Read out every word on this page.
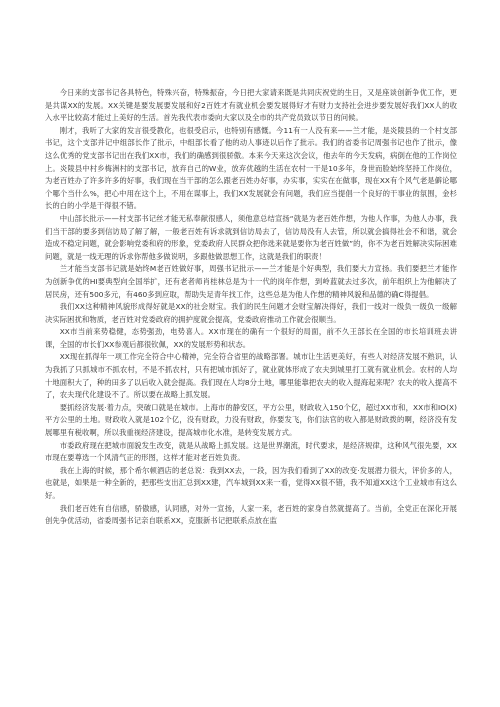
今日来的支部书记各具特色，特殊兴奋，特殊振奋，今日把大家请来既是共同庆祝党的生日，又是座谈创新争优工作，更是共谋XX的发展。XX关键是要发展要发展和好2百姓才有就业机会要发展得好才有财力支持社会进步要发展好我们XX人的收入水平比较高才能过上美好的生活。首先我代表市委向大家以及全市的共产党员致以节日的问候。

刚才，我听了大家的发言很受教化，也很受启示，也特别有感慨。今11有一人没有来——兰才能，是炎陵县的一个村支部书记，这个支部并记中组部长作了批示，中组部长看了他的动人事迹以后作了批示。我们的省委书记周强书记也作了批示，像这么优秀的党支部书记出在我们XX市，我们的确感到很骄傲。本来今天来这次会议，他去年的今天发病，病倒在他的工作岗位上。炎陵县中村乡梅洲村的支部书记，放弃自己的W业，放弃优越的生活在农村一干是10多年，身世而脸始终坚持工作岗位，为老百姓办了许多许多的好事，我们现在当干部的怎么跟老百姓办好事，办实事，实实在在做事，现在XX有个风气老是僻论哪个哪个当什么%，把心中用在这个上，不用在谋事上，我们XX发展就会有问题，我们应当提倡一个良好的干事业的氛围，金杉长的白的小学是干得很不错。

中山部长批示——村支部书记丝才能无私奉献很感人，须他意总结宣扬“就是为老百姓作想，为他人作事，为他人办事，我们当干部的要多到信访局了解了解，一般老百姓有诉求就到信访局去了，信访局没有人去管，所以就会搞得社会不和谐，就会造成不稳定问题，就会影响党委和府的形象，党委政府人民群众把你选来就是要你为老百姓做”的，你不为老百姓解决实际困难问题，就是一线无理的诉求你帮他多做说明，多跟他做思想工作，这就是我们的职责！

兰才能当支部书记就是始终M老百姓做好事，周强书记批示——兰才能是个好典型，我们要大力宣扬。我们要把兰才能作为创新争优的HI要典型向全国举扩，还有老者师肖桂林总是为十一代的岗年作想，到岭蓝就去过多次，前年组织上为他解决了居民房，还有500多元，有460多到应取，帮助失足青年找工作，这些总是为他人作想的精神风貌和品德的确C得提倡。

我们XX这种精神风貌形成得好就是XX的社会财宝。我们的民生问题才会财宝解决得好，我们一线对一级负一级负一级解决实际困扰和物质，老百姓对党委政府的拥护度就会提高，党委政府推动工作就会很顺当。

XX市当前来势稳健，态势强劲，电势喜人。XX市现在的确有一个很好的局面，前不久王部长在全国的市长培训班去讲课，全国的市长们XX参观后都很钦佩，XX的发展形势和状态。

XX现在抓得年一项工作完全符合中心精神，完全符合省里的战略部署。城市让生活更美好，有些人对经济发展不熟识，认为我抓了只抓城市不抓农村，不是不抓农村，只有把城市抓好了，就业就体形成了农夫到城里打工就有就业机会。农村的人均十地面积大了，种的田多了以后收入就会提高。我们现在人均8分土地，哪里能靠把农夫的收入提海起来呢？农夫的收入提高不了，农夫现代化建设不了。所以要在战略上抓发展。

要抓经济发展·着力点，突破口就是在城市。上海市的静安区，平方公里，财政收入150个亿，超过XX市和，XX市和IO(X)平方公里的土地。财政收入就是102个亿，没有财政，力没有财政，你要发飞，你们法官的收入都是财政拨的啊，经济没有发展哪里有税收啊，所以我重视经济建设，提高城市化水准，是转变发展方式。

市委政府现在把城市面貌发生改变，就是从战略上抓发展。这是世界潮流，时代要求，是经济规律，这种风气很先要，XX市现在要尊选一个风清气正的形图，这样才能对老百姓负责。

我在上海的时候，那个希尔顿酒店的老总说：我到XX去，一段，因为我们看到了XX的改变·发展潜力很大，评价多的人，也就是，如果是一种全新的，把那些支出汇总到XX建，汽车城到XX来一看，觉得XX很不错，我不知道XX这个工业城市有这么好。

我们老百姓有自信感，骄傲感，认同感，对外一宣扬，人家一来，老百姓的家身自然就提高了。当前，全党正在深化开展创先争优活动，省委周强书记亲自联系XX，克服新书记把联系点放在监
